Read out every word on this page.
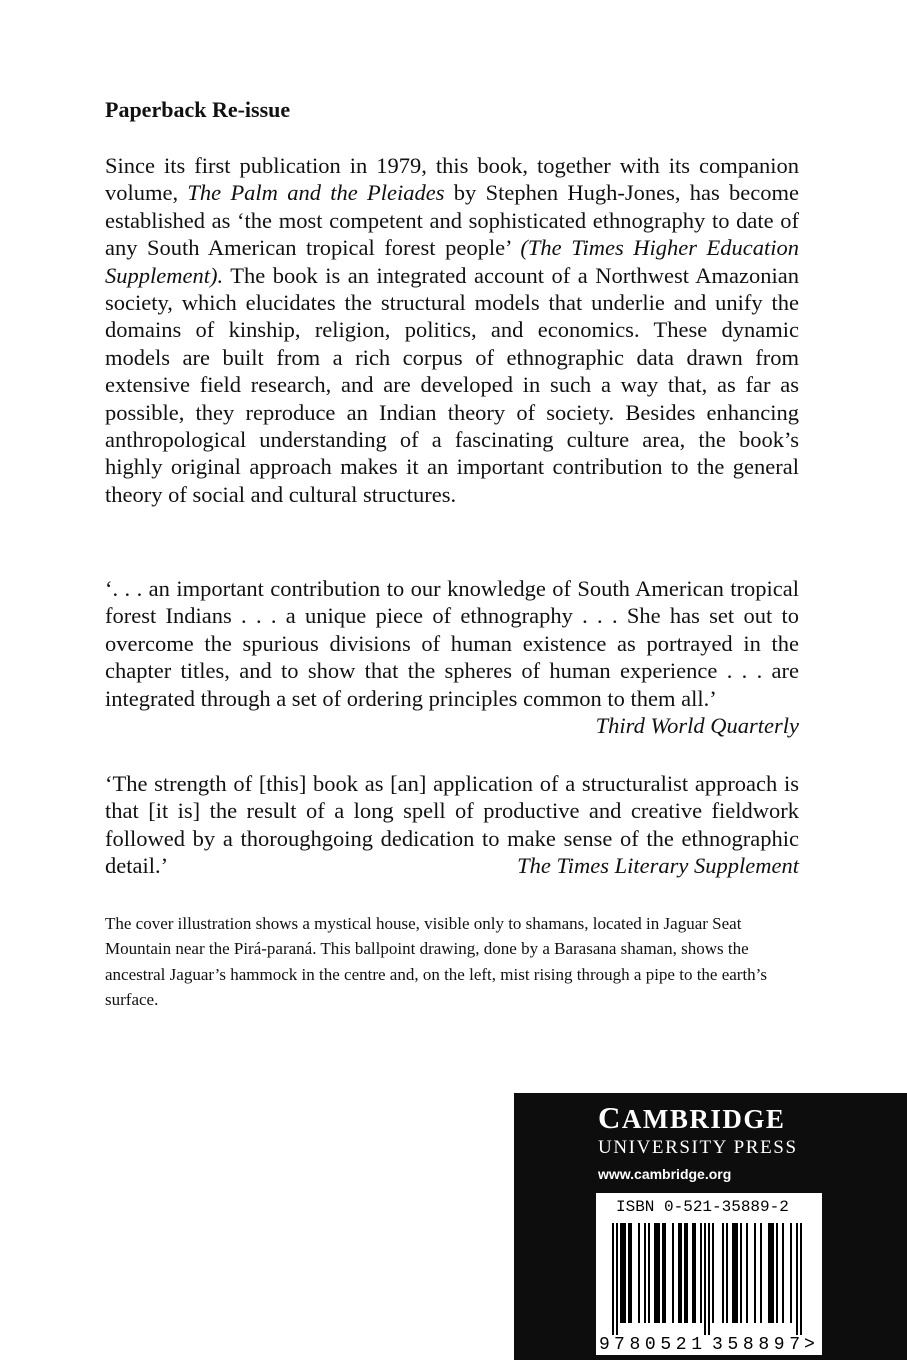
Paperback Re-issue

Since its first publication in 1979, this book, together with its companion volume, The Palm and the Pleiades by Stephen Hugh-Jones, has become established as ‘the most competent and sophisticated ethnography to date of any South American tropical forest people’ (The Times Higher Education Supplement). The book is an integrated account of a Northwest Amazonian society, which elucidates the structural models that underlie and unify the domains of kinship, religion, politics, and economics. These dynamic models are built from a rich corpus of ethnographic data drawn from extensive field research, and are developed in such a way that, as far as possible, they reproduce an Indian theory of society. Besides enhancing anthropological understanding of a fascinating culture area, the book’s highly original approach makes it an important contribution to the general theory of social and cultural structures.

‘. . . an important contribution to our knowledge of South American tropical forest Indians . . . a unique piece of ethnography . . . She has set out to overcome the spurious divisions of human existence as portrayed in the chapter titles, and to show that the spheres of human experience . . . are integrated through a set of ordering principles common to them all.’
Third World Quarterly

‘The strength of [this] book as [an] application of a structuralist approach is that [it is] the result of a long spell of productive and creative fieldwork followed by a thoroughgoing dedication to make sense of the ethnographic detail.’	The Times Literary Supplement

The cover illustration shows a mystical house, visible only to shamans, located in Jaguar Seat Mountain near the Pirá-paraná. This ballpoint drawing, done by a Barasana shaman, shows the ancestral Jaguar’s hammock in the centre and, on the left, mist rising through a pipe to the earth’s surface.

CAMBRIDGE
UNIVERSITY PRESS
www.cambridge.org
ISBN 0-521-35889-2
9 780521 358897 >
